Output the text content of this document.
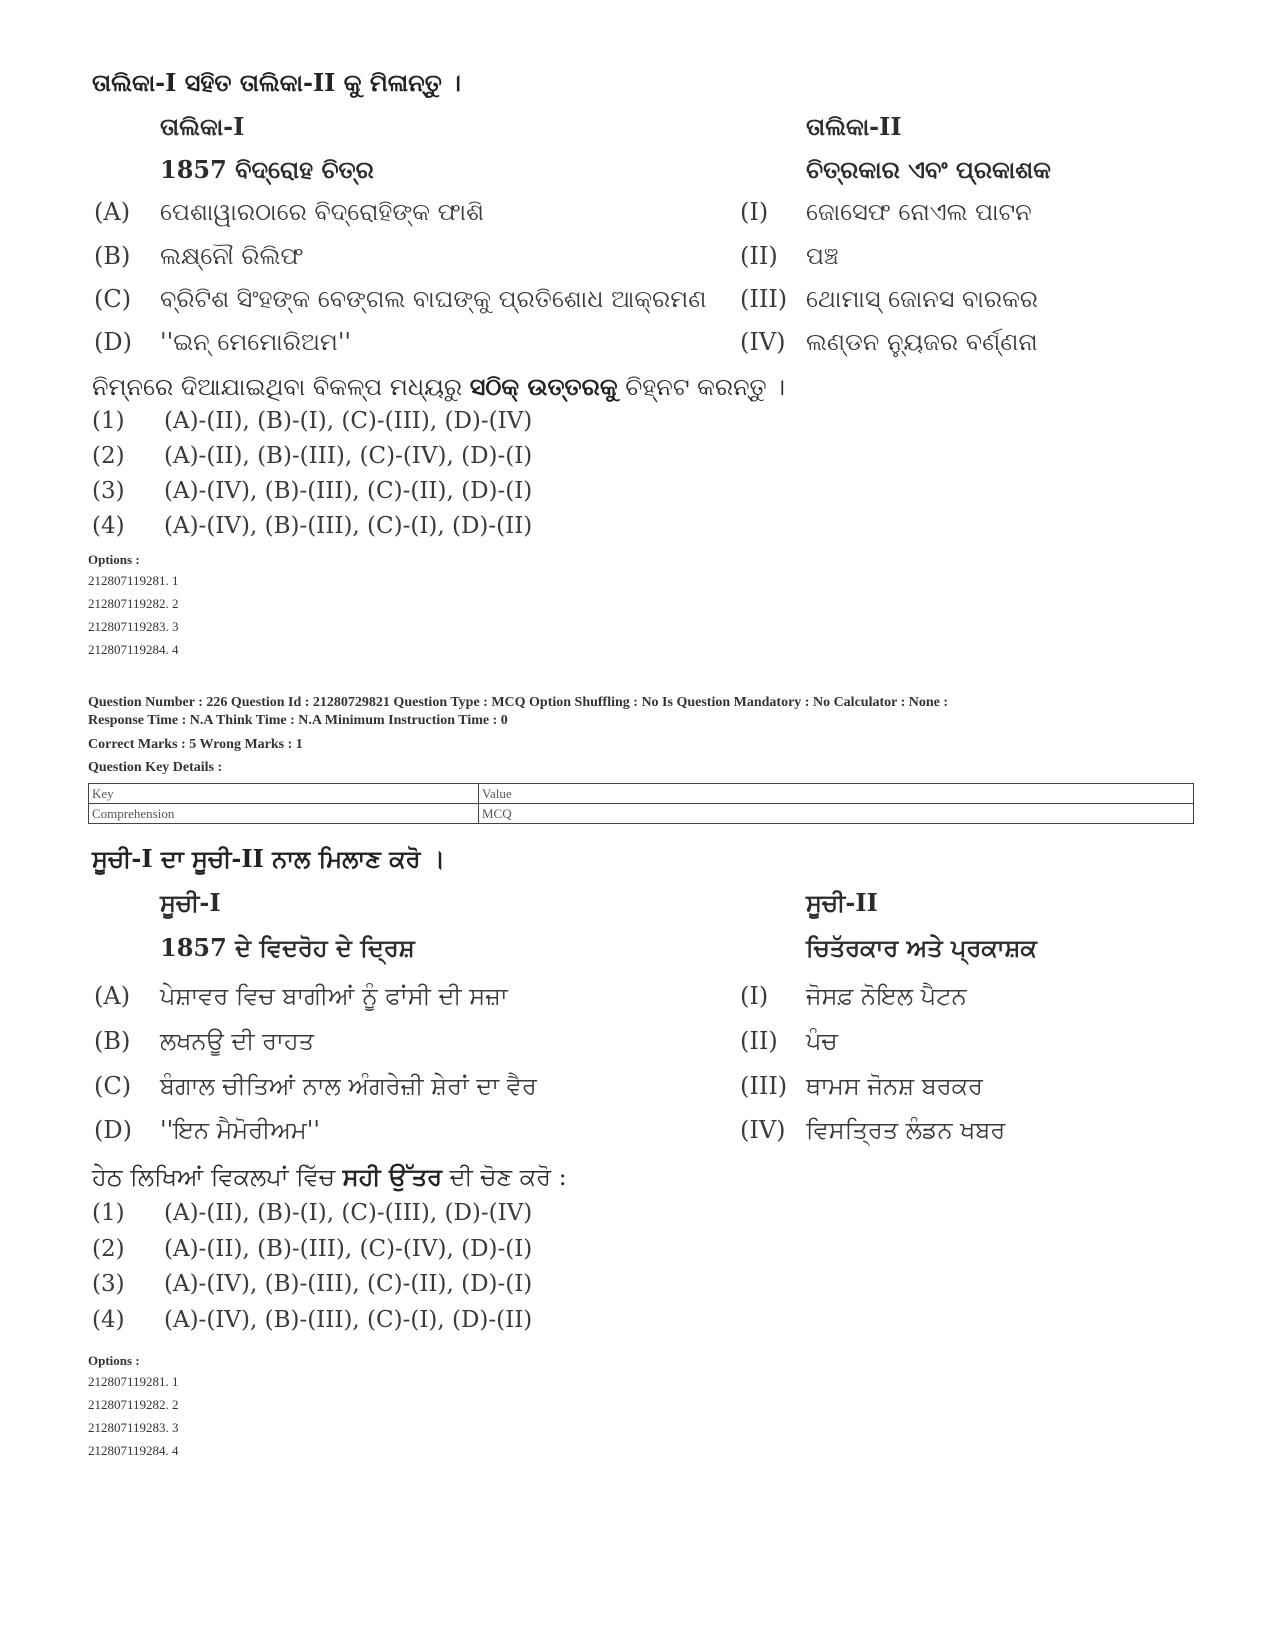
ତାଲିକା-I ସହିତ ତାଲିକା-II କୁ ମିଳାନ୍ତୁ ।
ତାଲିକା-I	ତାଲିକା-II
1857 ବିଦ୍ରୋହ ଚିତ୍ର	ଚିତ୍ରକାର ଏବଂ ପ୍ରକାଶକ
(A) ପେଶାୱାରଠାରେ ବିଦ୍ରୋହିଙ୍କ ଫାଶି	(I) ଜୋସେଫ ନୋଏଲ ପାଟନ
(B) ଲକ୍ଷ୍ନୌ ରିଲିଫ	(II) ପଞ୍ଚ
(C) ବ୍ରିଟିଶ ସିଂହଙ୍କ ବେଙ୍ଗଲ ବାଘଙ୍କୁ ପ୍ରତିଶୋଧ ଆକ୍ରମଣ (III) ଥୋମାସ୍ ଜୋନସ ବାରକର
(D) ''ଇନ୍ ମେମୋରିଅମ''	(IV) ଲଣ୍ଡନ ନ୍ୟୁଜର ବର୍ଣ୍ଣନା
ନିମ୍ନରେ ଦିଆଯାଇଥିବା ବିକଳ୍ପ ମଧ୍ୟରୁ ସଠିକ୍ ଉତ୍ତରକୁ ଚିହ୍ନଟ କରନ୍ତୁ ।
(1) (A)-(II), (B)-(I), (C)-(III), (D)-(IV)
(2) (A)-(II), (B)-(III), (C)-(IV), (D)-(I)
(3) (A)-(IV), (B)-(III), (C)-(II), (D)-(I)
(4) (A)-(IV), (B)-(III), (C)-(I), (D)-(II)
Options :
212807119281. 1
212807119282. 2
212807119283. 3
212807119284. 4
Question Number : 226 Question Id : 21280729821 Question Type : MCQ Option Shuffling : No Is Question Mandatory : No Calculator : None :
Response Time : N.A Think Time : N.A Minimum Instruction Time : 0
Correct Marks : 5 Wrong Marks : 1
Question Key Details :
Key	Value
Comprehension	MCQ
ਸੂਚੀ-I ਦਾ ਸੂਚੀ-II ਨਾਲ ਮਿਲਾਣ ਕਰੋ ।
ਸੂਚੀ-I	ਸੂਚੀ-II
1857 ਦੇ ਵਿਦਰੋਹ ਦੇ ਦ੍ਰਿਸ਼	ਚਿਤੱਰਕਾਰ ਅਤੇ ਪ੍ਰਕਾਸ਼ਕ
(A) ਪੇਸ਼ਾਵਰ ਵਿਚ ਬਾਗੀਆਂ ਨੂੰ ਫਾਂਸੀ ਦੀ ਸਜ਼ਾ	(I) ਜੋਸਫ਼ ਨੋਇਲ ਪੈਟਨ
(B) ਲਖਨਊ ਦੀ ਰਾਹਤ	(II) ਪੰਚ
(C) ਬੰਗਾਲ ਚੀਤਿਆਂ ਨਾਲ ਅੰਗਰੇਜ਼ੀ ਸ਼ੇਰਾਂ ਦਾ ਵੈਰ	(III) ਥਾਮਸ ਜੋਨਸ਼ ਬਰਕਰ
(D) ''ਇਨ ਮੈਮੋਰੀਅਮ''	(IV) ਵਿਸਤ੍ਰਿਤ ਲੰਡਨ ਖਬਰ
ਹੇਠ ਲਿਖਿਆਂ ਵਿਕਲਪਾਂ ਵਿੱਚ ਸਹੀ ਉੱਤਰ ਦੀ ਚੋਣ ਕਰੋ :
(1) (A)-(II), (B)-(I), (C)-(III), (D)-(IV)
(2) (A)-(II), (B)-(III), (C)-(IV), (D)-(I)
(3) (A)-(IV), (B)-(III), (C)-(II), (D)-(I)
(4) (A)-(IV), (B)-(III), (C)-(I), (D)-(II)
Options :
212807119281. 1
212807119282. 2
212807119283. 3
212807119284. 4
